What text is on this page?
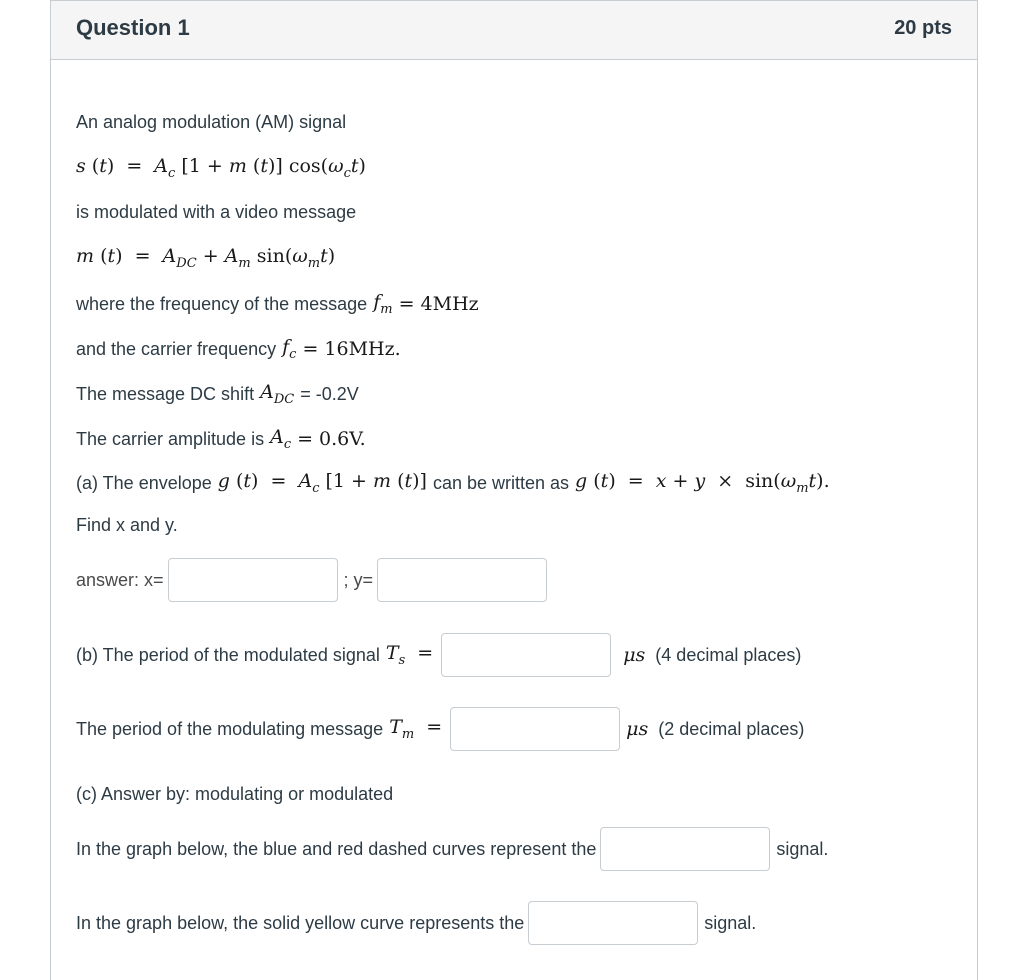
Question 1	20 pts
An analog modulation (AM) signal
s $(t) = A_c$ [1 + m (t)] $\cos(\omega_ct)$
is modulated with a video message
m $(t) = A_{DC} + A_m$ $\sin(\omega_mt)$
where the frequency of the message $f_m = 4MHz$
and the carrier frequency $f_c = 16MHz$.
The message DC shift $A_{DC} = -0.2V$
The carrier amplitude is $A_c = 0.6V$.
(a) The envelope g $(t) = A_c$ [1 + m (t)] can be written as g $(t) = x + y \times \sin(\omega_mt)$.
Find x and y.
answer: x=	; y=
(b) The period of the modulated signal $T_s$ =	μs (4 decimal places)
The period of the modulating message $T_m$ =	μs (2 decimal places)
(c) Answer by: modulating or modulated
In the graph below, the blue and red dashed curves represent the	signal.
In the graph below, the solid yellow curve represents the	signal.
